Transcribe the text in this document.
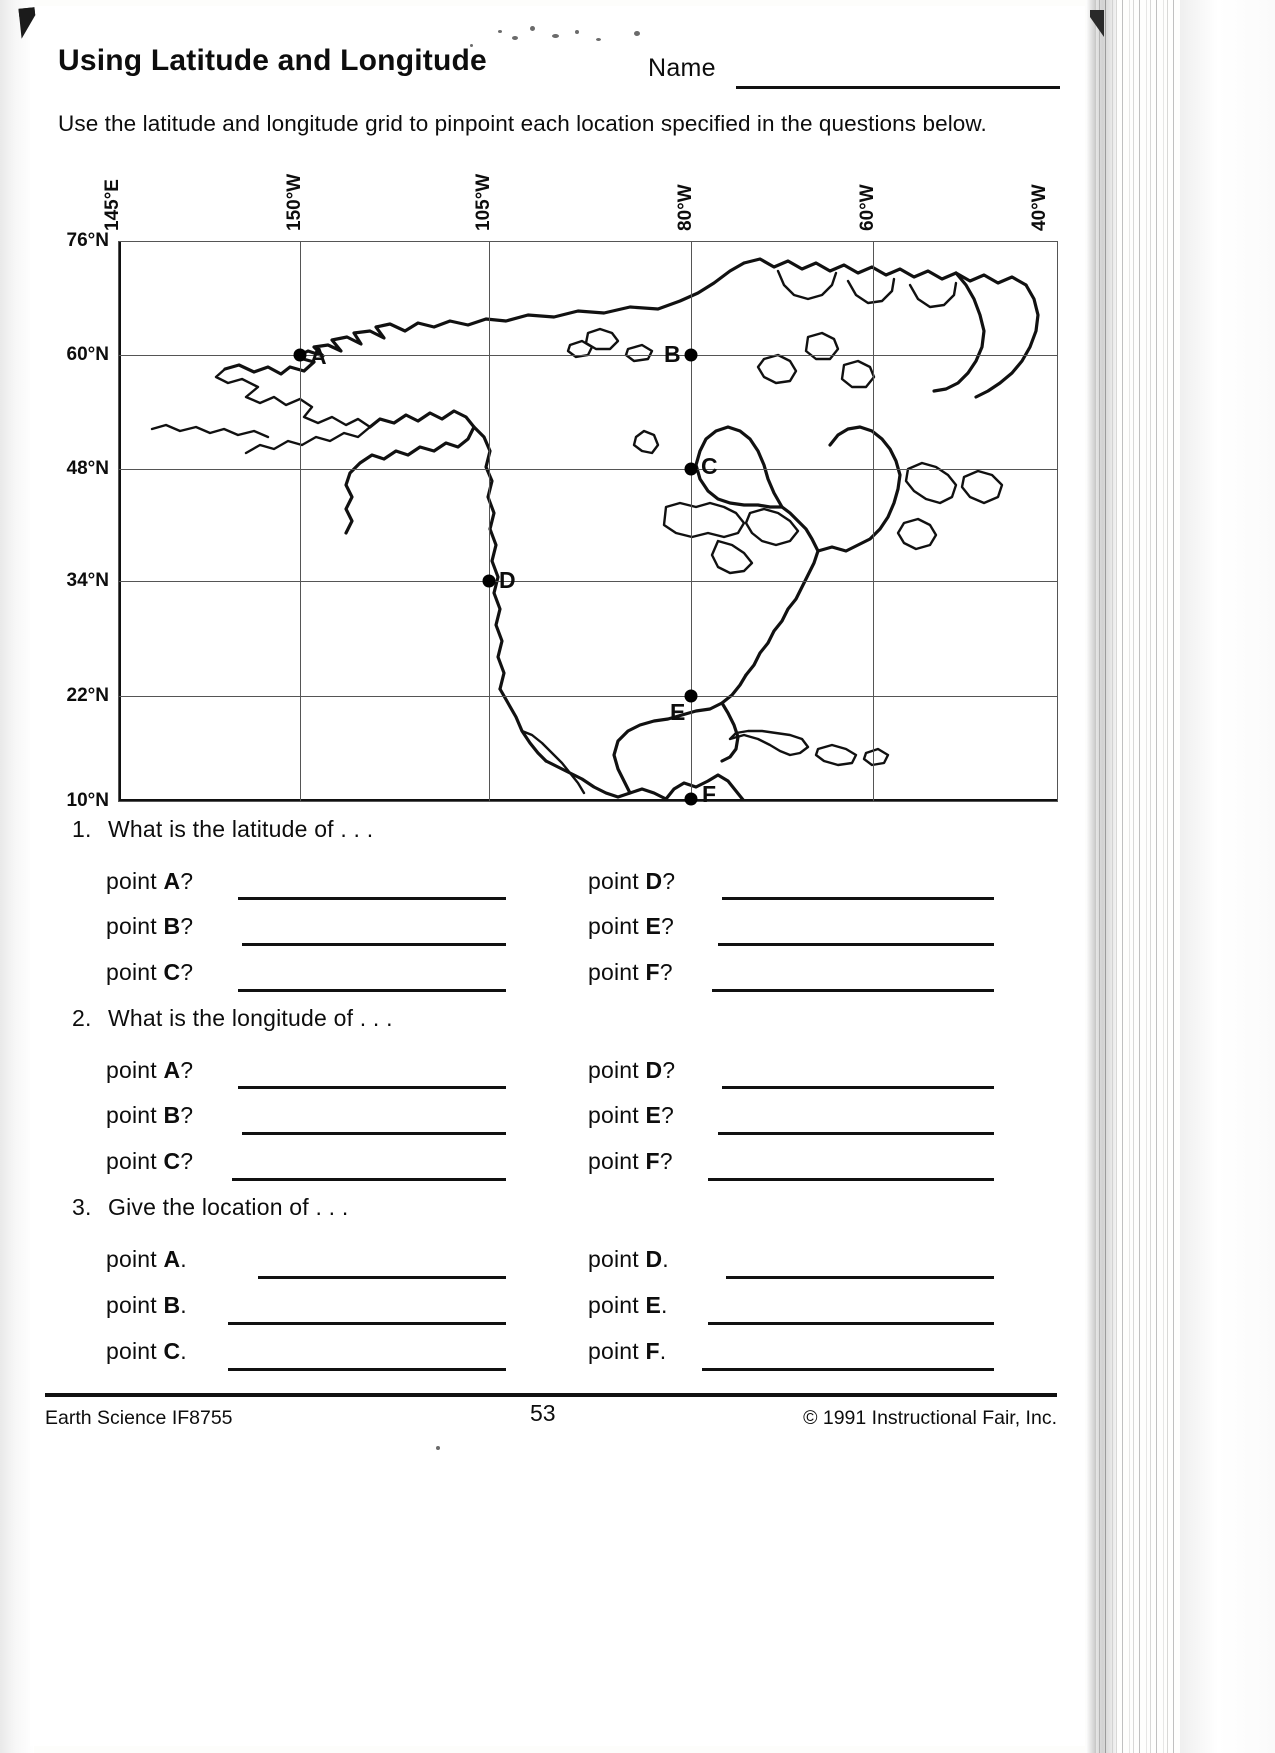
Using Latitude and Longitude	Name
Use the latitude and longitude grid to pinpoint each location specified in the questions below.
76°N
60°N
48°N
34°N
22°N
10°N
145°E	150°W	105°W	80°W	60°W	40°W
A	B
C
D
E
F
1. What is the latitude of . . .
point A?
point B?
point C?
point D?
point E?
point F?
2. What is the longitude of . . .
point A?
point B?
point C?
point D?
point E?
point F?
3. Give the location of . . .
point A.
point B.
point C.
point D.
point E.
point F.
Earth Science IF8755	53	© 1991 Instructional Fair, Inc.
